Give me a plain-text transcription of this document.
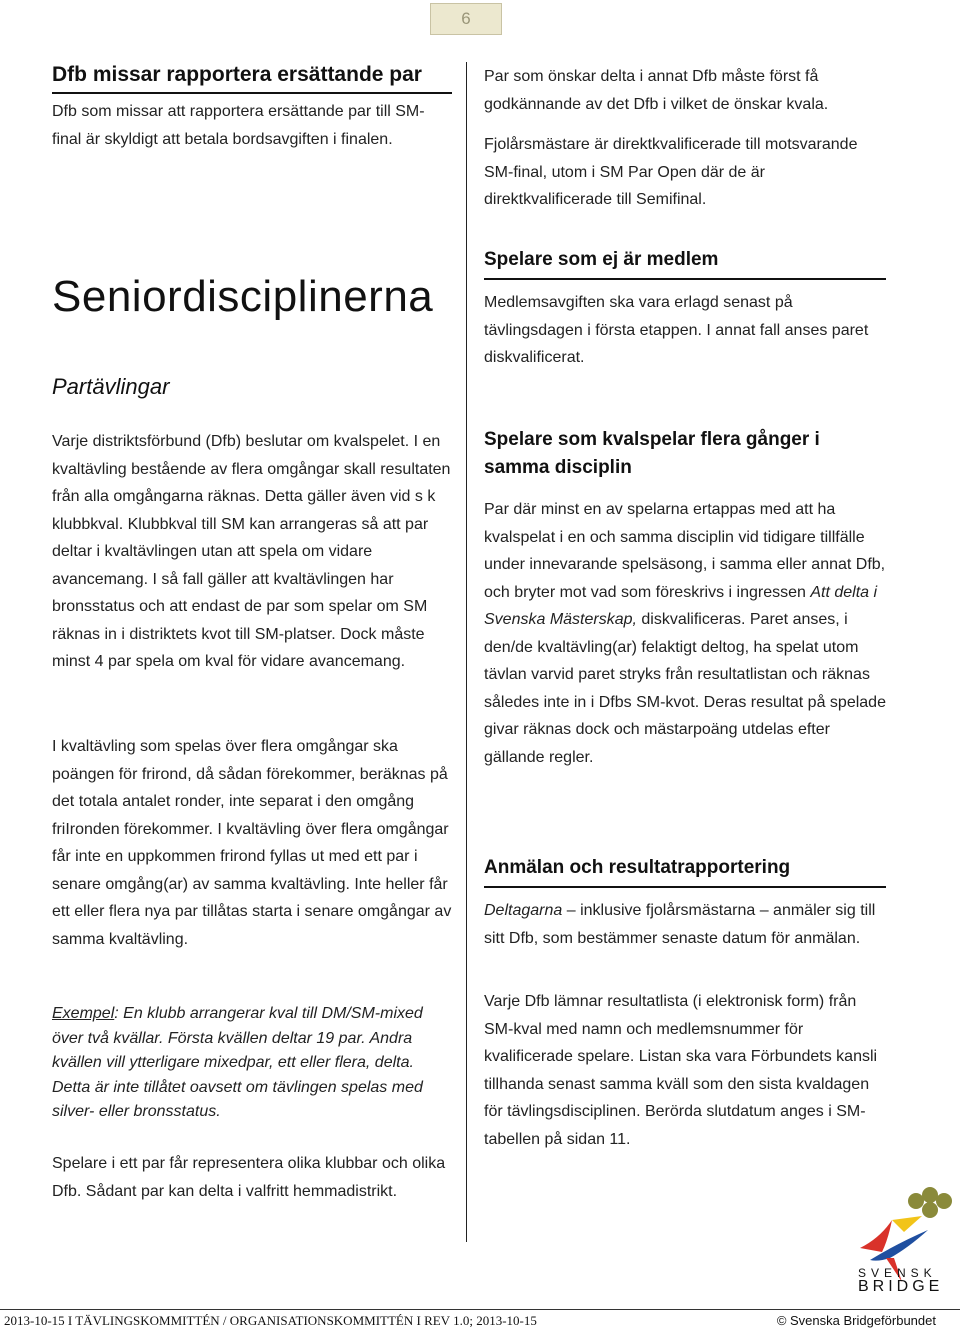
6
Dfb missar rapportera ersättande par

Dfb som missar att rapportera ersättande par till SM-final är skyldigt att betala bordsavgiften i finalen.

Seniordisciplinerna
Partävlingar

Varje distriktsförbund (Dfb) beslutar om kvalspelet. I en kvaltävling bestående av flera omgångar skall resultaten från alla omgångarna räknas. Detta gäller även vid s k klubbkval. Klubbkval till SM kan arrangeras så att par deltar i kvaltävlingen utan att spela om vidare avancemang. I så fall gäller att kvaltävlingen har bronsstatus och att endast de par som spelar om SM räknas in i distriktets kvot till SM-platser. Dock måste minst 4 par spela om kval för vidare avancemang.

I kvaltävling som spelas över flera omgångar ska poängen för frirond, då sådan förekommer, beräknas på det totala antalet ronder, inte separat i den omgång friIronden förekommer. I kvaltävling över flera omgångar får inte en uppkommen frirond fyllas ut med ett par i senare omgång(ar) av samma kvaltävling. Inte heller får ett eller flera nya par tillåtas starta i senare omgångar av samma kvaltävling.

Exempel: En klubb arrangerar kval till DM/SM-mixed över två kvällar. Första kvällen deltar 19 par. Andra kvällen vill ytterligare mixedpar, ett eller flera, delta. Detta är inte tillåtet oavsett om tävlingen spelas med silver- eller bronsstatus.

Spelare i ett par får representera olika klubbar och olika Dfb. Sådant par kan delta i valfritt hemmadistrikt.

Par som önskar delta i annat Dfb måste först få godkännande av det Dfb i vilket de önskar kvala.

Fjolårsmästare är direktkvalificerade till motsvarande SM-final, utom i SM Par Open där de är direktkvalificerade till Semifinal.

Spelare som ej är medlem

Medlemsavgiften ska vara erlagd senast på tävlingsdagen i första etappen. I annat fall anses paret diskvalificerat.

Spelare som kvalspelar flera gånger i samma disciplin

Par där minst en av spelarna ertappas med att ha kvalspelat i en och samma disciplin vid tidigare tillfälle under innevarande spelsäsong, i samma eller annat Dfb, och bryter mot vad som föreskrivs i ingressen Att delta i Svenska Mästerskap, diskvalificeras. Paret anses, i den/de kvaltävling(ar) felaktigt deltog, ha spelat utom tävlan varvid paret stryks från resultatlistan och räknas således inte in i Dfbs SM-kvot. Deras resultat på spelade givar räknas dock och mästarpoäng utdelas efter gällande regler.

Anmälan och resultatrapportering

Deltagarna – inklusive fjolårsmästarna – anmäler sig till sitt Dfb, som bestämmer senaste datum för anmälan.

Varje Dfb lämnar resultatlista (i elektronisk form) från SM-kval med namn och medlemsnummer för kvalificerade spelare. Listan ska vara Förbundets kansli tillhanda senast samma kväll som den sista kvaldagen för tävlingsdisciplinen. Berörda slutdatum anges i SM-tabellen på sidan 11.

SVENSK
BRIDGE
2013-10-15 I TÄVLINGSKOMMITTÉN / ORGANISATIONSKOMMITTÉN I REV 1.0; 2013-10-15	© Svenska Bridgeförbundet
